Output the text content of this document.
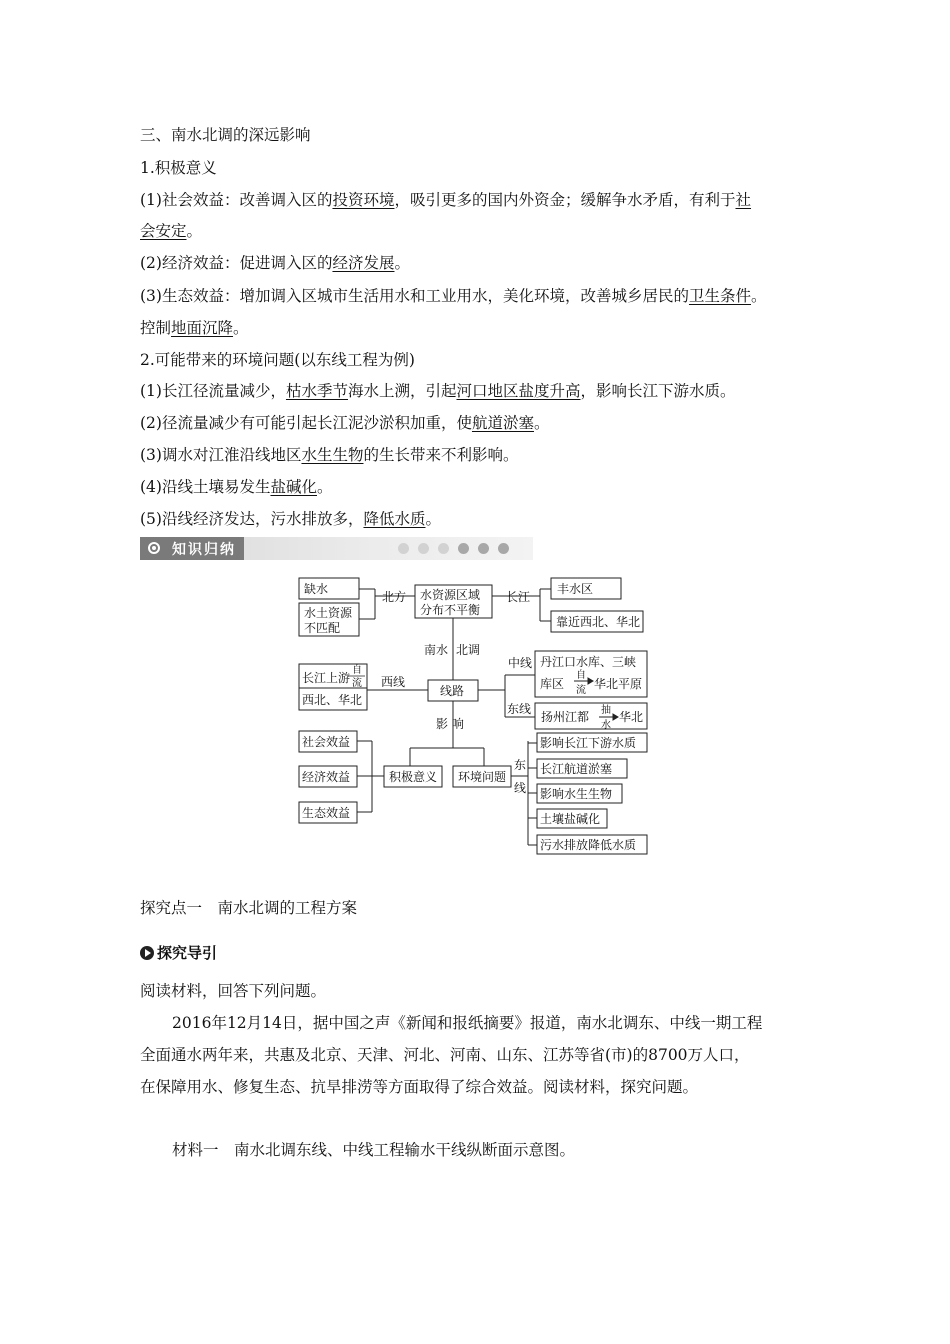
三、南水北调的深远影响
1.积极意义
(1)社会效益：改善调入区的投资环境，吸引更多的国内外资金；缓解争水矛盾，有利于社
会安定。
(2)经济效益：促进调入区的经济发展。
(3)生态效益：增加调入区城市生活用水和工业用水，美化环境，改善城乡居民的卫生条件。
控制地面沉降。
2.可能带来的环境问题(以东线工程为例)
(1)长江径流量减少，枯水季节海水上溯，引起河口地区盐度升高，影响长江下游水质。
(2)径流量减少有可能引起长江泥沙淤积加重，使航道淤塞。
(3)调水对江淮沿线地区水生生物的生长带来不利影响。
(4)沿线土壤易发生盐碱化。
(5)沿线经济发达，污水排放多，降低水质。
知识归纳
缺水
水土资源
不匹配
北方 水资源区域
分布不平衡
长江
丰水区
靠近西北、华北
南水 北调
中线 丹江口水库、三峡
库区
自
流 华北平原
长江上游
自
流
西北、华北
西线
线路
东线
扬州江都 抽
水
华北
影 响
社会效益
经济效益
生态效益
积极意义 环境问题
东
线
影响长江下游水质
长江航道淤塞
影响水生生物
土壤盐碱化
污水排放降低水质
探究点一　南水北调的工程方案
探究导引
阅读材料，回答下列问题。
2016年12月14日，据中国之声《新闻和报纸摘要》报道，南水北调东、中线一期工程
全面通水两年来，共惠及北京、天津、河北、河南、山东、江苏等省(市)的8700万人口，
在保障用水、修复生态、抗旱排涝等方面取得了综合效益。阅读材料，探究问题。
材料一　南水北调东线、中线工程输水干线纵断面示意图。
